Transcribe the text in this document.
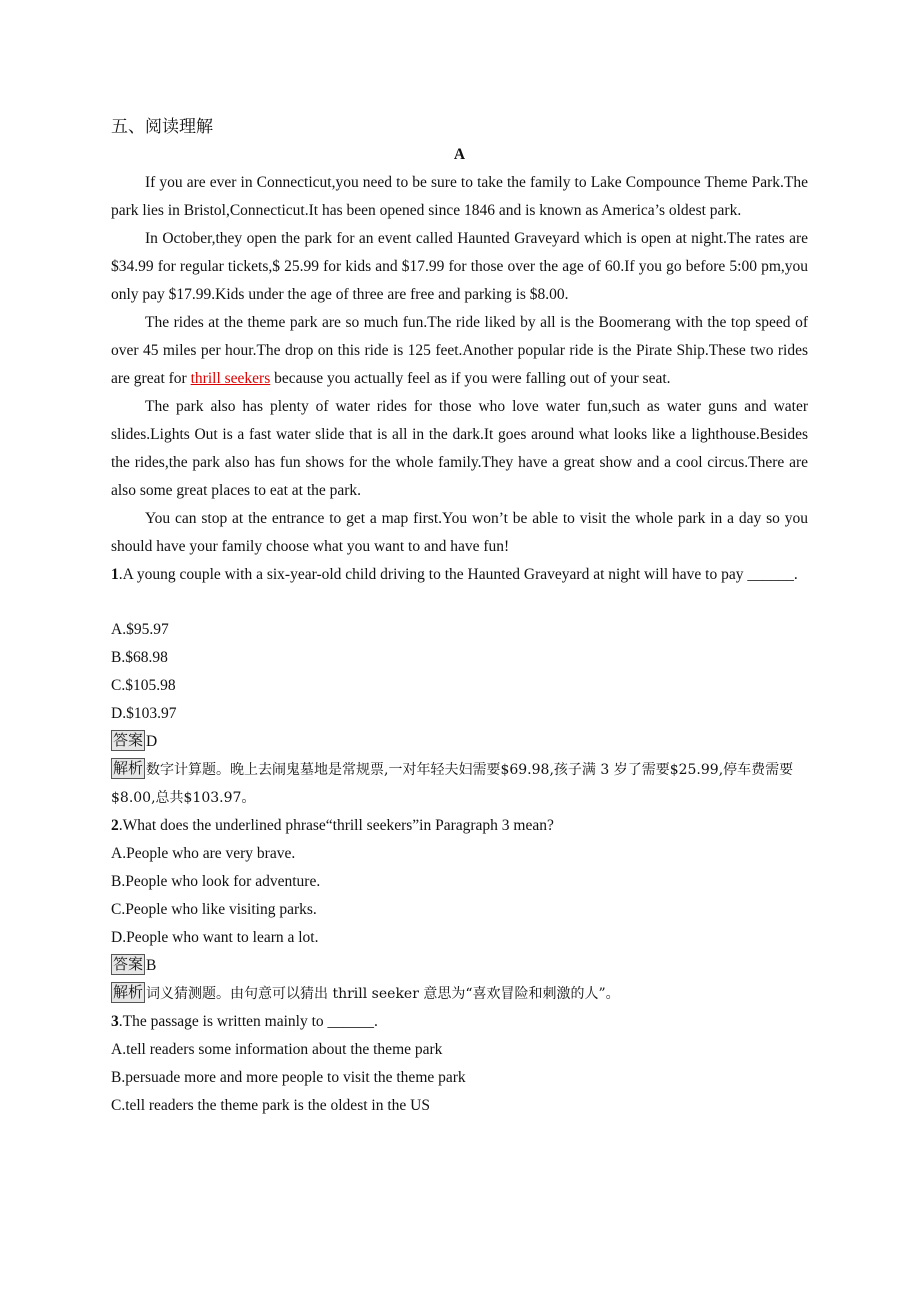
五、阅读理解

A

If you are ever in Connecticut,you need to be sure to take the family to Lake Compounce Theme Park.The park lies in Bristol,Connecticut.It has been opened since 1846 and is known as America’s oldest park.

In October,they open the park for an event called Haunted Graveyard which is open at night.The rates are $34.99 for regular tickets,$ 25.99 for kids and $17.99 for those over the age of 60.If you go before 5:00 pm,you only pay $17.99.Kids under the age of three are free and parking is $8.00.

The rides at the theme park are so much fun.The ride liked by all is the Boomerang with the top speed of over 45 miles per hour.The drop on this ride is 125 feet.Another popular ride is the Pirate Ship.These two rides are great for thrill seekers because you actually feel as if you were falling out of your seat.

The park also has plenty of water rides for those who love water fun,such as water guns and water slides.Lights Out is a fast water slide that is all in the dark.It goes around what looks like a lighthouse.Besides the rides,the park also has fun shows for the whole family.They have a great show and a cool circus.There are also some great places to eat at the park.

You can stop at the entrance to get a map first.You won’t be able to visit the whole park in a day so you should have your family choose what you want to and have fun!

1.A young couple with a six-year-old child driving to the Haunted Graveyard at night will have to pay ______.

A.$95.97

B.$68.98

C.$105.98

D.$103.97

答案 D

解析 数字计算题。晚上去闹鬼墓地是常规票,一对年轻夫妇需要$69.98,孩子满 3 岁了需要$25.99,停车费需要$8.00,总共$103.97。

2.What does the underlined phrase“thrill seekers”in Paragraph 3 mean?

A.People who are very brave.

B.People who look for adventure.

C.People who like visiting parks.

D.People who want to learn a lot.

答案 B

解析 词义猜测题。由句意可以猜出 thrill seeker 意思为“喜欢冒险和刺激的人”。

3.The passage is written mainly to ______.

A.tell readers some information about the theme park

B.persuade more and more people to visit the theme park

C.tell readers the theme park is the oldest in the US
